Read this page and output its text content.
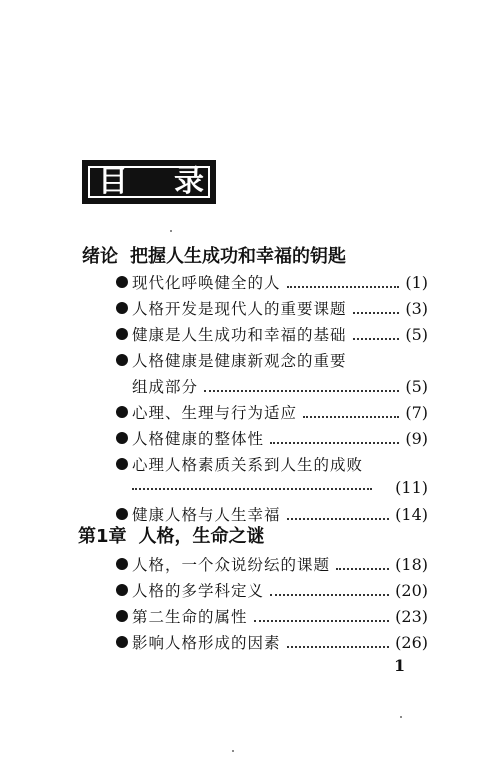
目 录
绪论 把握人生成功和幸福的钥匙
现代化呼唤健全的人	(1)
人格开发是现代人的重要课题	(3)
健康是人生成功和幸福的基础	(5)
人格健康是健康新观念的重要
组成部分	(5)
心理、生理与行为适应	(7)
人格健康的整体性	(9)
心理人格素质关系到人生的成败
(11)
健康人格与人生幸福	(14)
第1章 人格，生命之谜
人格，一个众说纷纭的课题	(18)
人格的多学科定义	(20)
第二生命的属性	(23)
影响人格形成的因素	(26)
1
